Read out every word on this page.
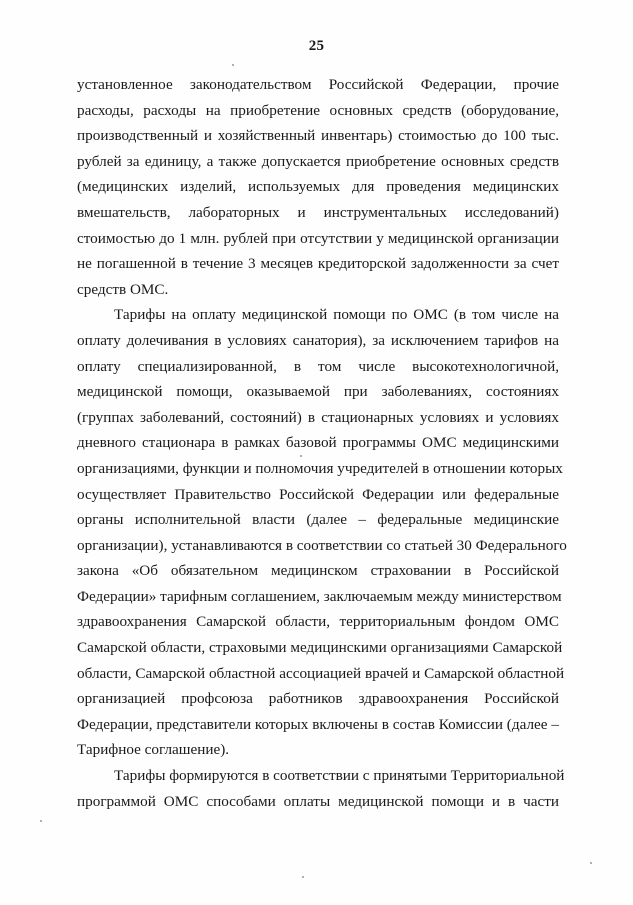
25

установленное законодательством Российской Федерации, прочие
расходы, расходы на приобретение основных средств (оборудование,
производственный и хозяйственный инвентарь) стоимостью до 100 тыс.
рублей за единицу, а также допускается приобретение основных средств
(медицинских изделий, используемых для проведения медицинских
вмешательств, лабораторных и инструментальных исследований)
стоимостью до 1 млн. рублей при отсутствии у медицинской организации
не погашенной в течение 3 месяцев кредиторской задолженности за счет
средств ОМС.

Тарифы на оплату медицинской помощи по ОМС (в том числе на
оплату долечивания в условиях санатория), за исключением тарифов на
оплату специализированной, в том числе высокотехнологичной,
медицинской помощи, оказываемой при заболеваниях, состояниях
(группах заболеваний, состояний) в стационарных условиях и условиях
дневного стационара в рамках базовой программы ОМС медицинскими
организациями, функции и полномочия учредителей в отношении которых
осуществляет Правительство Российской Федерации или федеральные
органы исполнительной власти (далее – федеральные медицинские
организации), устанавливаются в соответствии со статьей 30 Федерального
закона «Об обязательном медицинском страховании в Российской
Федерации» тарифным соглашением, заключаемым между министерством
здравоохранения Самарской области, территориальным фондом ОМС
Самарской области, страховыми медицинскими организациями Самарской
области, Самарской областной ассоциацией врачей и Самарской областной
организацией профсоюза работников здравоохранения Российской
Федерации, представители которых включены в состав Комиссии (далее –
Тарифное соглашение).

Тарифы формируются в соответствии с принятыми Территориальной
программой ОМС способами оплаты медицинской помощи и в части
